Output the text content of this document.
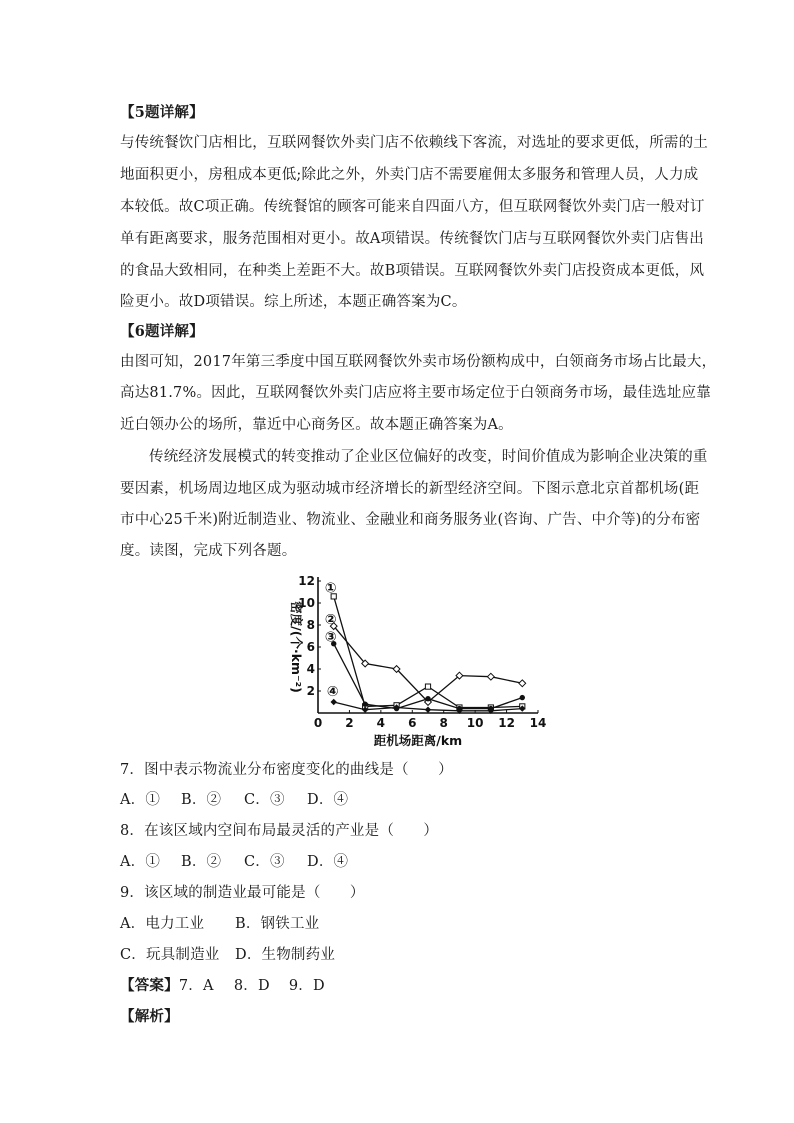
【5题详解】
与传统餐饮门店相比，互联网餐饮外卖门店不依赖线下客流，对选址的要求更低，所需的土
地面积更小，房租成本更低;除此之外，外卖门店不需要雇佣太多服务和管理人员，人力成
本较低。故C项正确。传统餐馆的顾客可能来自四面八方，但互联网餐饮外卖门店一般对订
单有距离要求，服务范围相对更小。故A项错误。传统餐饮门店与互联网餐饮外卖门店售出
的食品大致相同，在种类上差距不大。故B项错误。互联网餐饮外卖门店投资成本更低，风
险更小。故D项错误。综上所述，本题正确答案为C。
【6题详解】
由图可知，2017年第三季度中国互联网餐饮外卖市场份额构成中，白领商务市场占比最大，
高达81.7%。因此，互联网餐饮外卖门店应将主要市场定位于白领商务市场，最佳选址应靠
近白领办公的场所，靠近中心商务区。故本题正确答案为A。
传统经济发展模式的转变推动了企业区位偏好的改变，时间价值成为影响企业决策的重
要因素，机场周边地区成为驱动城市经济增长的新型经济空间。下图示意北京首都机场(距
市中心25千米)附近制造业、物流业、金融业和商务服务业(咨询、广告、中介等)的分布密
度。读图，完成下列各题。
0 2 4 6 8 10 12 14
2
4
6
8
10
12
距机场距离/km
密度/(个·km⁻²)
①
②
③
④
7．图中表示物流业分布密度变化的曲线是（　　）
A．① B．② C．③ D．④
8．在该区域内空间布局最灵活的产业是（　　）
A．① B．② C．③ D．④
9．该区域的制造业最可能是（　　）
A．电力工业 B．钢铁工业
C．玩具制造业 D．生物制药业
【答案】7．A 8．D 9．D
【解析】
